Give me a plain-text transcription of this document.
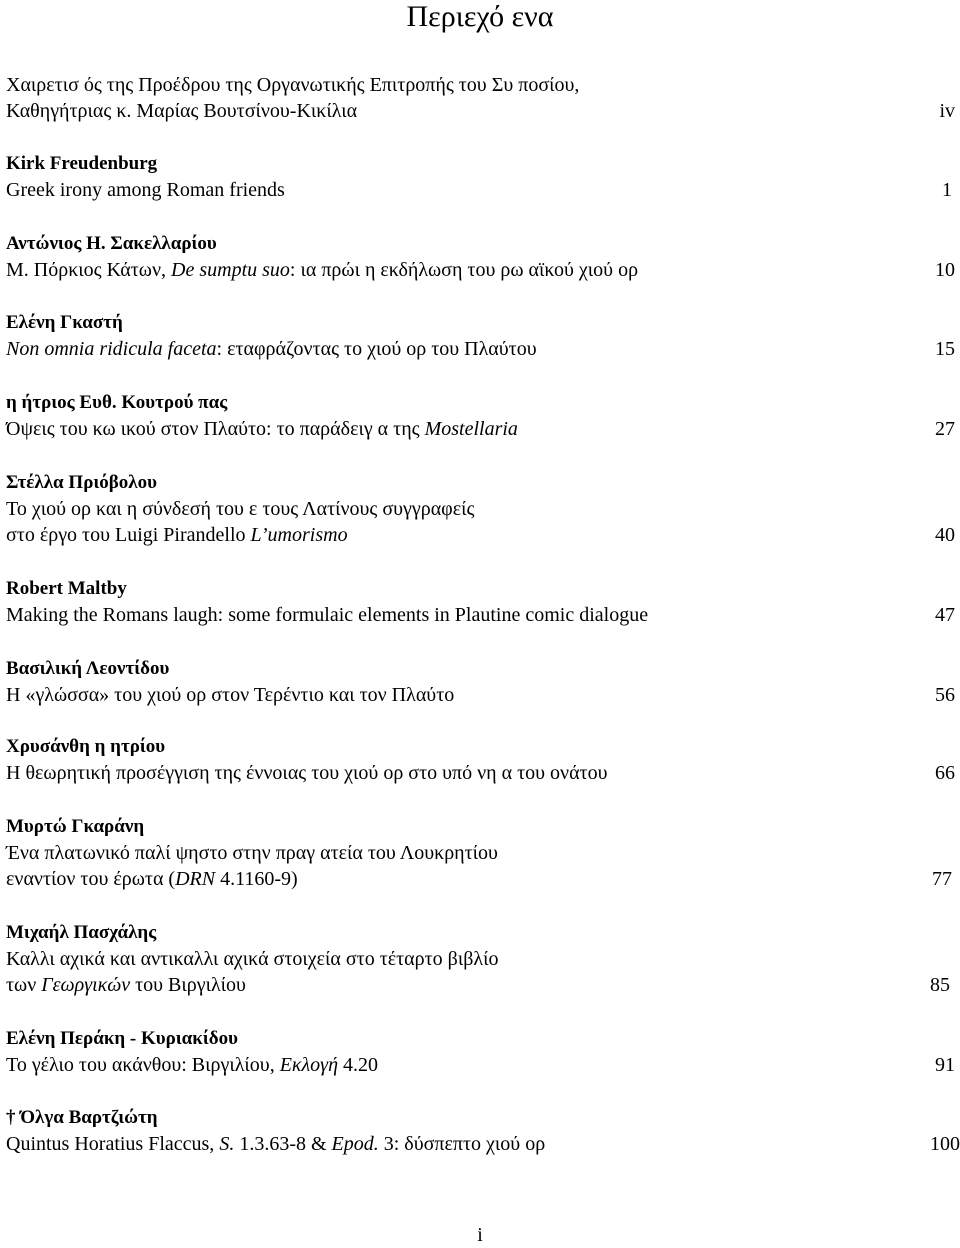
Περιεχό ενα
Χαιρετισ ός της Προέδρου της Οργανωτικής Επιτροπής του Συ ποσίου,
Καθηγήτριας κ. Μαρίας Βουτσίνου-Κικίλια	iv
Kirk Freudenburg
Greek irony among Roman friends	1
Αντώνιος Η. Σακελλαρίου
Μ. Πόρκιος Κάτων, De sumptu suo: ια πρώι η εκδήλωση του ρω αϊκού χιού ορ	10
Ελένη Γκαστή
Non omnia ridicula faceta: εταφράζοντας το χιού ορ του Πλαύτου	15
η ήτριος Ευθ. Κουτρού πας
Όψεις του κω ικού στον Πλαύτο: το παράδειγ α της Mostellaria	27
Στέλλα Πριόβολου
Το χιού ορ και η σύνδεσή του ε τους Λατίνους συγγραφείς
στο έργο του Luigi Pirandello L’umorismo	40
Robert Maltby
Making the Romans laugh: some formulaic elements in Plautine comic dialogue	47
Βασιλική Λεοντίδου
Η «γλώσσα» του χιού ορ στον Τερέντιο και τον Πλαύτο	56
Χρυσάνθη η ητρίου
Η θεωρητική προσέγγιση της έννοιας του χιού ορ στο υπό νη α του ονάτου	66
Μυρτώ Γκαράνη
Ένα πλατωνικό παλί ψηστο στην πραγ ατεία του Λουκρητίου
εναντίον του έρωτα (DRN 4.1160-9)	77
Μιχαήλ Πασχάλης
Καλλι αχικά και αντικαλλι αχικά στοιχεία στο τέταρτο βιβλίο
των Γεωργικών του Βιργιλίου	85
Ελένη Περάκη - Κυριακίδου
Το γέλιο του ακάνθου: Βιργιλίου, Εκλογή 4.20	91
† Όλγα Βαρτζιώτη
Quintus Horatius Flaccus, S. 1.3.63-8 & Epod. 3: δύσπεπτο χιού ορ	100
i
